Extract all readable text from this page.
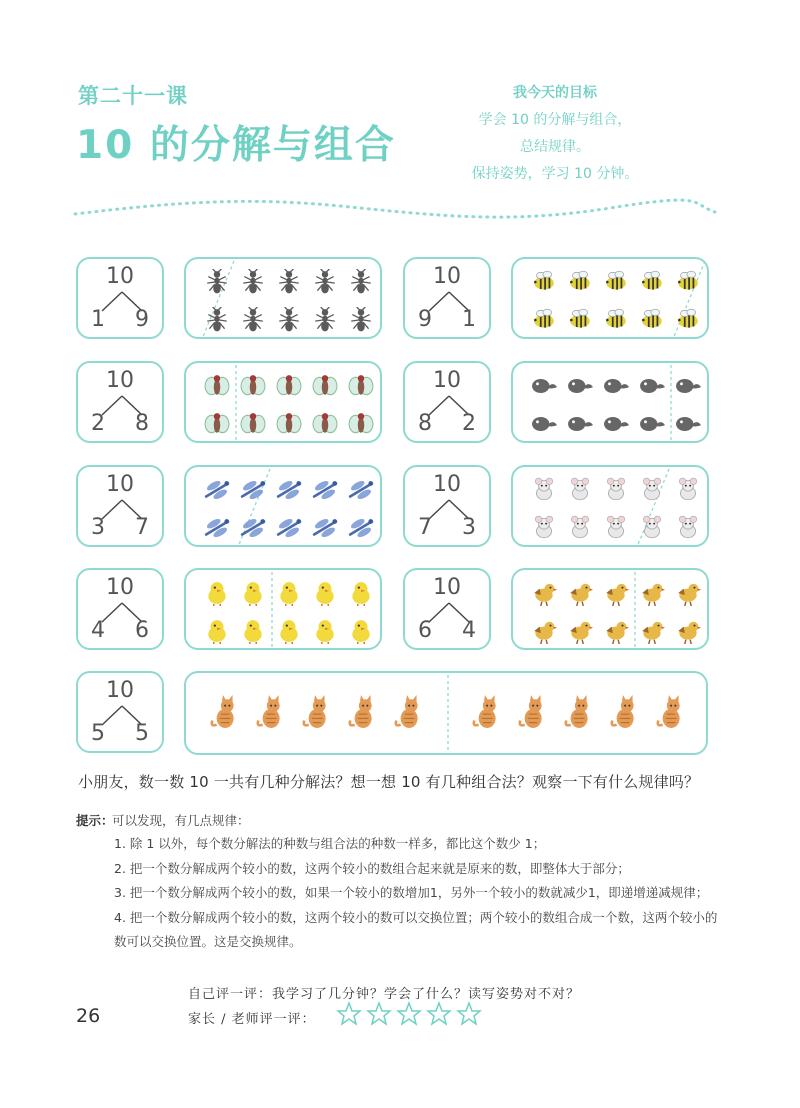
第二十一课
10 的分解与组合
我今天的目标
学会 10 的分解与组合，
总结规律。
保持姿势，学习 10 分钟。
10
1 9
10
9 1
10
2 8
10
8 2
10
3 7
10
7 3
10
4 6
10
6 4
10
5 5
小朋友，数一数 10 一共有几种分解法？想一想 10 有几种组合法？观察一下有什么规律吗？
提示：
可以发现，有几点规律：
1. 除 1 以外，每个数分解法的种数与组合法的种数一样多，都比这个数少 1；
2. 把一个数分解成两个较小的数，这两个较小的数组合起来就是原来的数，即整体大于部分；
3. 把一个数分解成两个较小的数，如果一个较小的数增加1，另外一个较小的数就减少1，即递增递减规律；
4. 把一个数分解成两个较小的数，这两个较小的数可以交换位置；两个较小的数组合成一个数，这两个较小的数可以交换位置。这是交换规律。
自己评一评：我学习了几分钟？学会了什么？读写姿势对不对？
家长 / 老师评一评：
26
